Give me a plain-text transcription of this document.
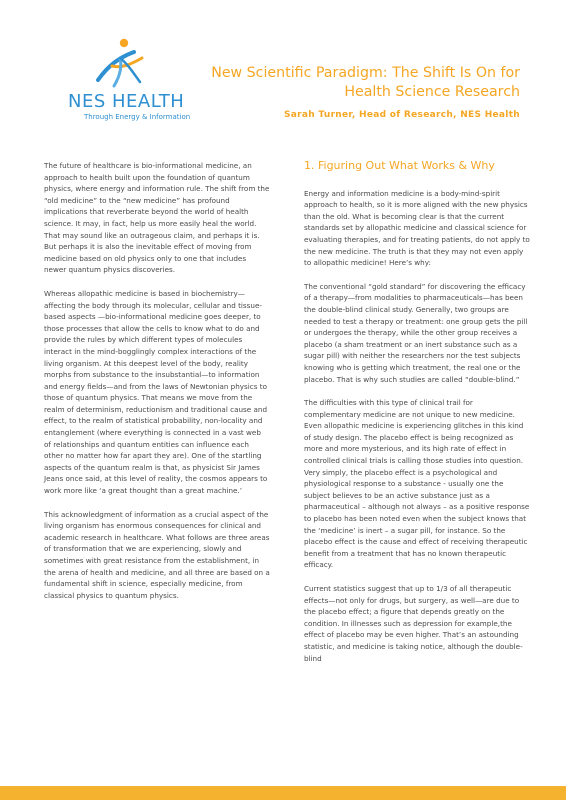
NES HEALTH
Through Energy & Information
New Scientific Paradigm: The Shift Is On for Health Science Research
Sarah Turner, Head of Research, NES Health

The future of healthcare is bio-informational medicine, an approach to health built upon the foundation of quantum physics, where energy and information rule. The shift from the “old medicine” to the “new medicine” has profound implications that reverberate beyond the world of health science. It may, in fact, help us more easily heal the world. That may sound like an outrageous claim, and perhaps it is. But perhaps it is also the inevitable effect of moving from medicine based on old physics only to one that includes newer quantum physics discoveries.

Whereas allopathic medicine is based in biochemistry—affecting the body through its molecular, cellular and tissue-based aspects —bio-informational medicine goes deeper, to those processes that allow the cells to know what to do and provide the rules by which different types of molecules interact in the mind-bogglingly complex interactions of the living organism. At this deepest level of the body, reality morphs from substance to the insubstantial—to information and energy fields—and from the laws of Newtonian physics to those of quantum physics. That means we move from the realm of determinism, reductionism and traditional cause and effect, to the realm of statistical probability, non-locality and entanglement (where everything is connected in a vast web of relationships and quantum entities can influence each other no matter how far apart they are). One of the startling aspects of the quantum realm is that, as physicist Sir James Jeans once said, at this level of reality, the cosmos appears to work more like ‘a great thought than a great machine.’

This acknowledgment of information as a crucial aspect of the living organism has enormous consequences for clinical and academic research in healthcare. What follows are three areas of transformation that we are experiencing, slowly and sometimes with great resistance from the establishment, in the arena of health and medicine, and all three are based on a fundamental shift in science, especially medicine, from classical physics to quantum physics.

1. Figuring Out What Works & Why

Energy and information medicine is a body-mind-spirit approach to health, so it is more aligned with the new physics than the old. What is becoming clear is that the current standards set by allopathic medicine and classical science for evaluating therapies, and for treating patients, do not apply to the new medicine. The truth is that they may not even apply to allopathic medicine! Here’s why:

The conventional “gold standard” for discovering the efficacy of a therapy—from modalities to pharmaceuticals—has been the double-blind clinical study. Generally, two groups are needed to test a therapy or treatment: one group gets the pill or undergoes the therapy, while the other group receives a placebo (a sham treatment or an inert substance such as a sugar pill) with neither the researchers nor the test subjects knowing who is getting which treatment, the real one or the placebo. That is why such studies are called “double-blind.”

The difficulties with this type of clinical trail for complementary medicine are not unique to new medicine. Even allopathic medicine is experiencing glitches in this kind of study design. The placebo effect is being recognized as more and more mysterious, and its high rate of effect in controlled clinical trials is calling those studies into question. Very simply, the placebo effect is a psychological and physiological response to a substance - usually one the subject believes to be an active substance just as a pharmaceutical – although not always – as a positive response to placebo has been noted even when the subject knows that the ‘medicine’ is inert – a sugar pill, for instance. So the placebo effect is the cause and effect of receiving therapeutic benefit from a treatment that has no known therapeutic efficacy.

Current statistics suggest that up to 1/3 of all therapeutic effects—not only for drugs, but surgery, as well—are due to the placebo effect; a figure that depends greatly on the condition. In illnesses such as depression for example,the effect of placebo may be even higher. That’s an astounding statistic, and medicine is taking notice, although the double-blind
